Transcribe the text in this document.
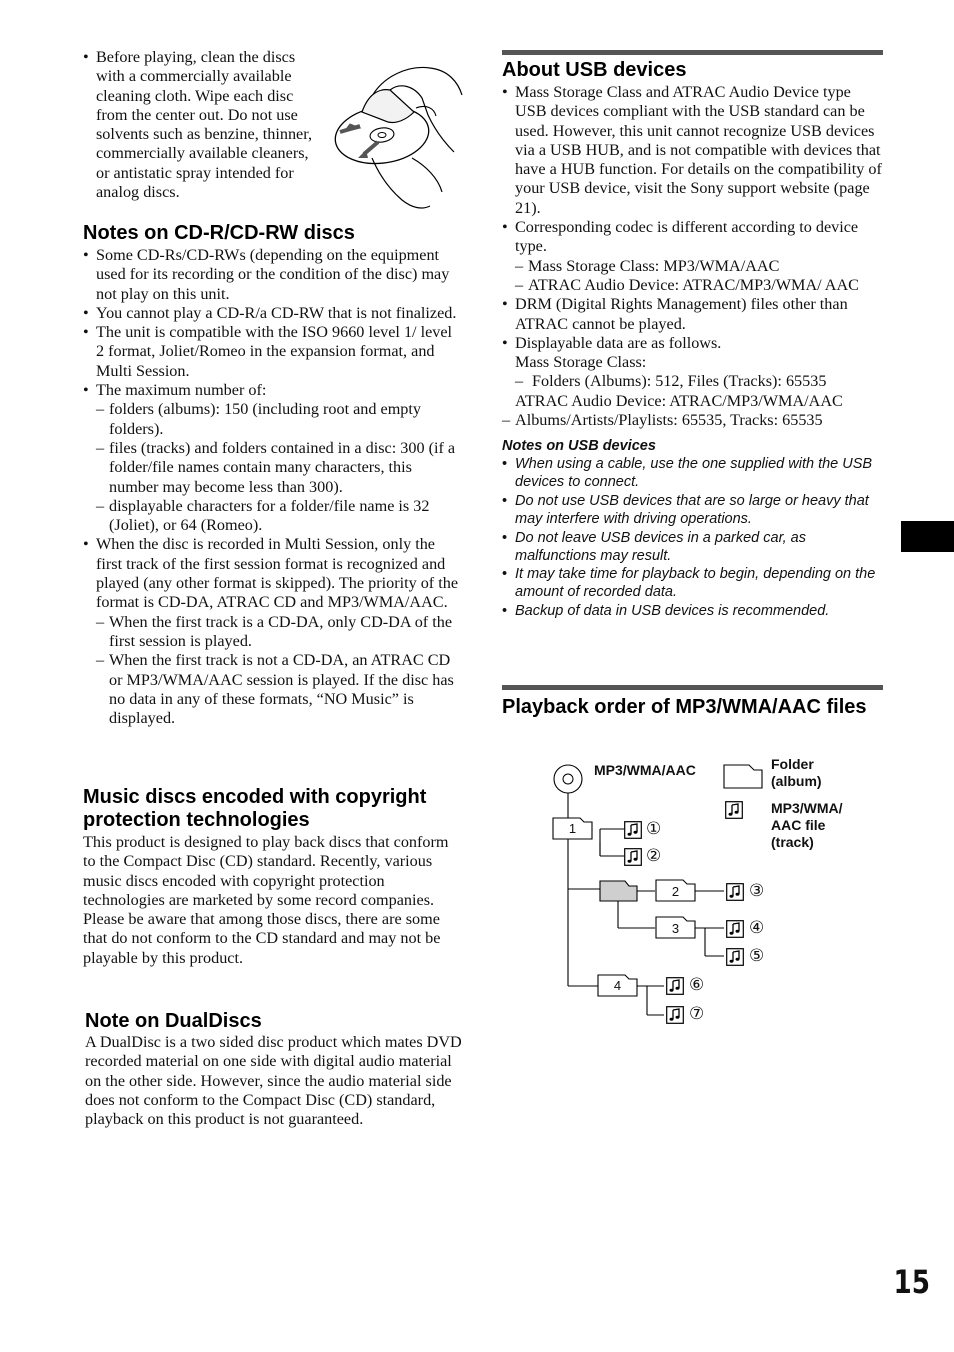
• Before playing, clean the discs with a commercially available cleaning cloth. Wipe each disc from the center out. Do not use solvents such as benzine, thinner, commercially available cleaners, or antistatic spray intended for analog discs.
Notes on CD-R/CD-RW discs
• Some CD-Rs/CD-RWs (depending on the equipment used for its recording or the condition of the disc) may not play on this unit.
• You cannot play a CD-R/a CD-RW that is not finalized.
• The unit is compatible with the ISO 9660 level 1/ level 2 format, Joliet/Romeo in the expansion format, and Multi Session.
• The maximum number of:
– folders (albums): 150 (including root and empty folders).
– files (tracks) and folders contained in a disc: 300 (if a folder/file names contain many characters, this number may become less than 300).
– displayable characters for a folder/file name is 32 (Joliet), or 64 (Romeo).
• When the disc is recorded in Multi Session, only the first track of the first session format is recognized and played (any other format is skipped). The priority of the format is CD-DA, ATRAC CD and MP3/WMA/AAC.
– When the first track is a CD-DA, only CD-DA of the first session is played.
– When the first track is not a CD-DA, an ATRAC CD or MP3/WMA/AAC session is played. If the disc has no data in any of these formats, “NO Music” is displayed.
Music discs encoded with copyright protection technologies
This product is designed to play back discs that conform to the Compact Disc (CD) standard. Recently, various music discs encoded with copyright protection technologies are marketed by some record companies. Please be aware that among those discs, there are some that do not conform to the CD standard and may not be playable by this product.
Note on DualDiscs
A DualDisc is a two sided disc product which mates DVD recorded material on one side with digital audio material on the other side. However, since the audio material side does not conform to the Compact Disc (CD) standard, playback on this product is not guaranteed.
About USB devices
• Mass Storage Class and ATRAC Audio Device type USB devices compliant with the USB standard can be used. However, this unit cannot recognize USB devices via a USB HUB, and is not compatible with devices that have a HUB function. For details on the compatibility of your USB device, visit the Sony support website (page 21).
• Corresponding codec is different according to device type.
– Mass Storage Class: MP3/WMA/AAC
– ATRAC Audio Device: ATRAC/MP3/WMA/ AAC
• DRM (Digital Rights Management) files other than ATRAC cannot be played.
• Displayable data are as follows.
Mass Storage Class:
– Folders (Albums): 512, Files (Tracks): 65535
ATRAC Audio Device: ATRAC/MP3/WMA/AAC
– Albums/Artists/Playlists: 65535, Tracks: 65535
Notes on USB devices
• When using a cable, use the one supplied with the USB devices to connect.
• Do not use USB devices that are so large or heavy that may interfere with driving operations.
• Do not leave USB devices in a parked car, as malfunctions may result.
• It may take time for playback to begin, depending on the amount of recorded data.
• Backup of data in USB devices is recommended.
Playback order of MP3/WMA/AAC files
MP3/WMA/AAC	Folder (album)
MP3/WMA/ AAC file (track)
1
2
3
4
①
②
③
④
⑤
⑥
⑦
15
